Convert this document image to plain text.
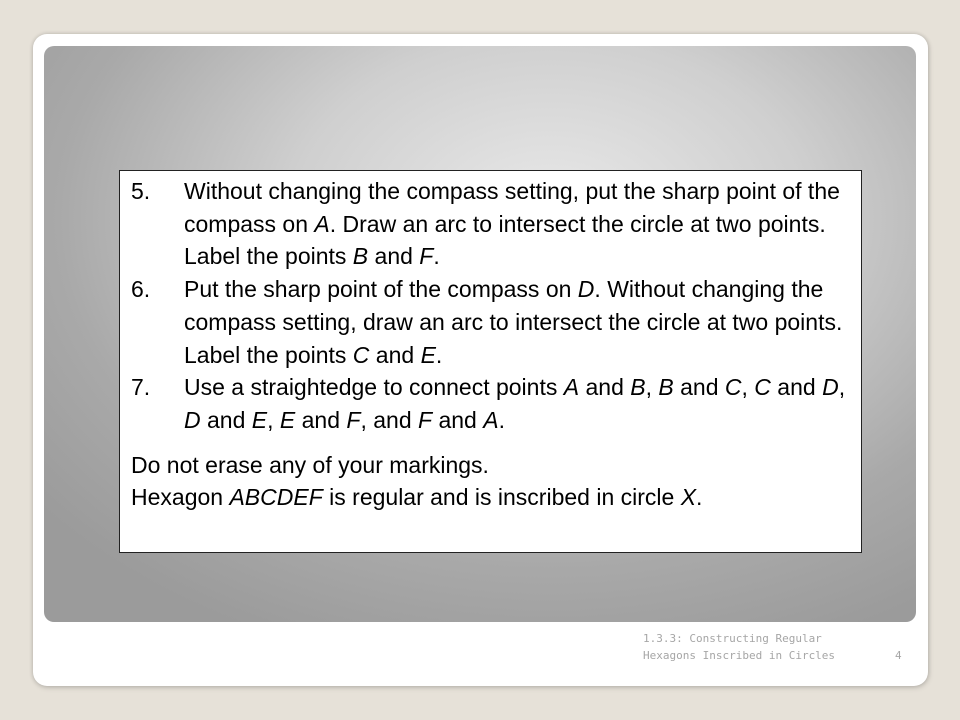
5.	Without changing the compass setting, put the sharp point of the compass on A. Draw an arc to intersect the circle at two points. Label the points B and F.
6.	Put the sharp point of the compass on D. Without changing the compass setting, draw an arc to intersect the circle at two points. Label the points C and E.
7.	Use a straightedge to connect points A and B, B and C, C and D, D and E, E and F, and F and A.
Do not erase any of your markings.
Hexagon ABCDEF is regular and is inscribed in circle X.
1.3.3: Constructing Regular
Hexagons Inscribed in Circles	4
